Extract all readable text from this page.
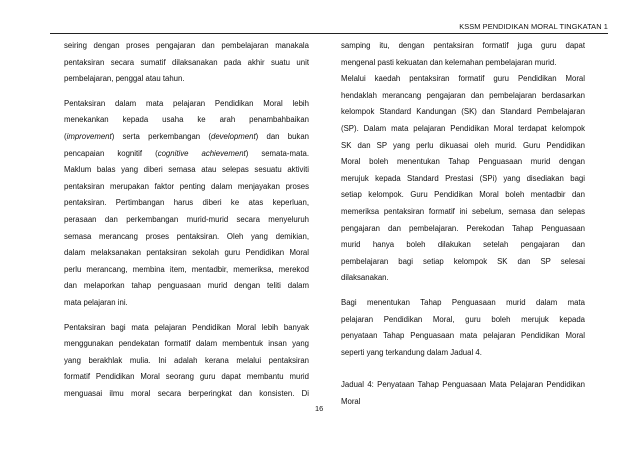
KSSM PENDIDIKAN MORAL TINGKATAN 1
seiring dengan proses pengajaran dan pembelajaran manakala
pentaksiran secara sumatif dilaksanakan pada akhir suatu unit
pembelajaran, penggal atau tahun.
Pentaksiran dalam mata pelajaran Pendidikan Moral lebih
menekankan kepada usaha ke arah penambahbaikan
(improvement) serta perkembangan (development) dan bukan
pencapaian kognitif (cognitive achievement) semata-mata.
Maklum balas yang diberi semasa atau selepas sesuatu aktiviti
pentaksiran merupakan faktor penting dalam menjayakan proses
pentaksiran. Pertimbangan harus diberi ke atas keperluan,
perasaan dan perkembangan murid-murid secara menyeluruh
semasa merancang proses pentaksiran. Oleh yang demikian,
dalam melaksanakan pentaksiran sekolah guru Pendidikan Moral
perlu merancang, membina item, mentadbir, memeriksa, merekod
dan melaporkan tahap penguasaan murid dengan teliti dalam
mata pelajaran ini.
Pentaksiran bagi mata pelajaran Pendidikan Moral lebih banyak
menggunakan pendekatan formatif dalam membentuk insan yang
yang berakhlak mulia. Ini adalah kerana melalui pentaksiran
formatif Pendidikan Moral seorang guru dapat membantu murid
menguasai ilmu moral secara berperingkat dan konsisten. Di
samping itu, dengan pentaksiran formatif juga guru dapat
mengenal pasti kekuatan dan kelemahan pembelajaran murid.
Melalui kaedah pentaksiran formatif guru Pendidikan Moral
hendaklah merancang pengajaran dan pembelajaran berdasarkan
kelompok Standard Kandungan (SK) dan Standard Pembelajaran
(SP). Dalam mata pelajaran Pendidikan Moral terdapat kelompok
SK dan SP yang perlu dikuasai oleh murid. Guru Pendidikan
Moral boleh menentukan Tahap Penguasaan murid dengan
merujuk kepada Standard Prestasi (SPi) yang disediakan bagi
setiap kelompok. Guru Pendidikan Moral boleh mentadbir dan
memeriksa pentaksiran formatif ini sebelum, semasa dan selepas
pengajaran dan pembelajaran. Perekodan Tahap Penguasaan
murid hanya boleh dilakukan setelah pengajaran dan
pembelajaran bagi setiap kelompok SK dan SP selesai
dilaksanakan.
Bagi menentukan Tahap Penguasaan murid dalam mata
pelajaran Pendidikan Moral, guru boleh merujuk kepada
penyataan Tahap Penguasaan mata pelajaran Pendidikan Moral
seperti yang terkandung dalam Jadual 4.
Jadual 4: Penyataan Tahap Penguasaan Mata Pelajaran Pendidikan
Moral
16
